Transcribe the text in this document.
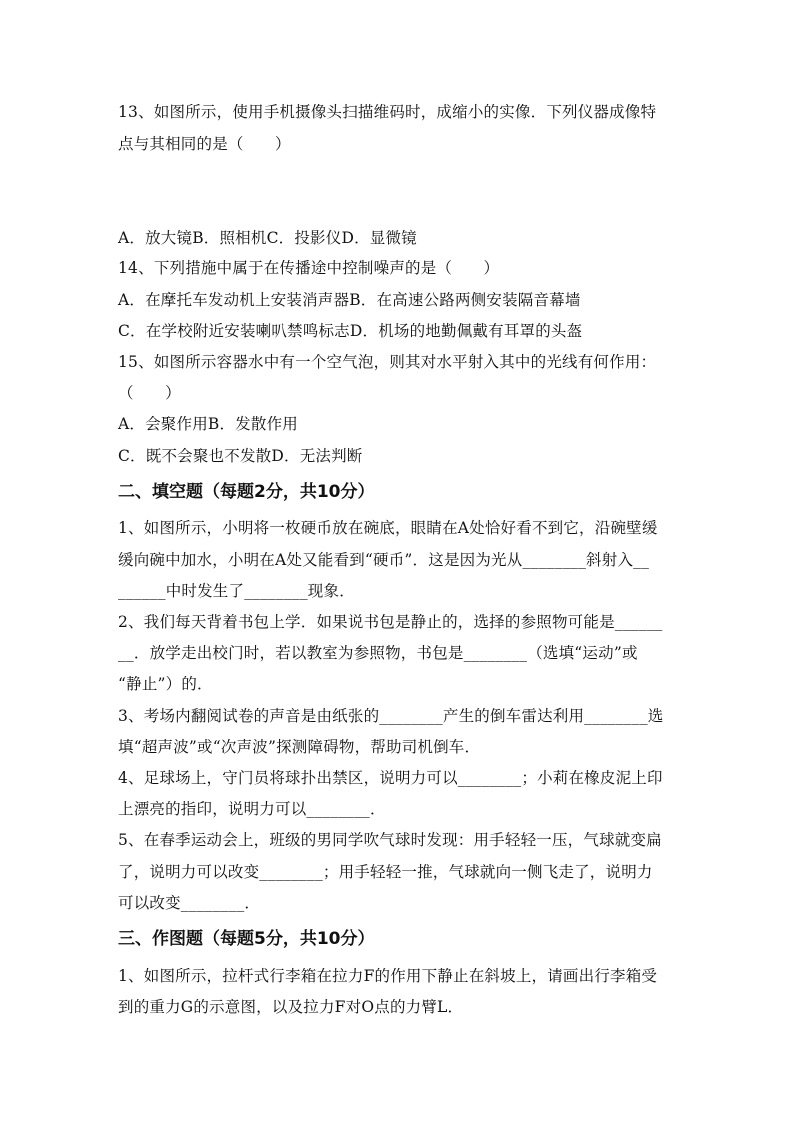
13、如图所示，使用手机摄像头扫描维码时，成缩小的实像．下列仪器成像特
点与其相同的是（　　）
A．放大镜B．照相机C．投影仪D．显微镜
14、下列措施中属于在传播途中控制噪声的是（　　）
A．在摩托车发动机上安装消声器B．在高速公路两侧安装隔音幕墙
C．在学校附近安装喇叭禁鸣标志D．机场的地勤佩戴有耳罩的头盔
15、如图所示容器水中有一个空气泡，则其对水平射入其中的光线有何作用：
（　　）
A．会聚作用B．发散作用
C．既不会聚也不发散D．无法判断
二、填空题（每题2分，共10分）
1、如图所示，小明将一枚硬币放在碗底，眼睛在A处恰好看不到它，沿碗壁缓
缓向碗中加水，小明在A处又能看到“硬币”．这是因为光从________斜射入__
______中时发生了________现象．
2、我们每天背着书包上学．如果说书包是静止的，选择的参照物可能是______
__．放学走出校门时，若以教室为参照物，书包是________（选填“运动”或
“静止”）的．
3、考场内翻阅试卷的声音是由纸张的________产生的倒车雷达利用________选
填“超声波”或“次声波”探测障碍物，帮助司机倒车．
4、足球场上，守门员将球扑出禁区，说明力可以________；小莉在橡皮泥上印
上漂亮的指印，说明力可以________．
5、在春季运动会上，班级的男同学吹气球时发现：用手轻轻一压，气球就变扁
了，说明力可以改变________；用手轻轻一推，气球就向一侧飞走了，说明力
可以改变________．
三、作图题（每题5分，共10分）
1、如图所示，拉杆式行李箱在拉力F的作用下静止在斜坡上，请画出行李箱受
到的重力G的示意图，以及拉力F对O点的力臂L．
